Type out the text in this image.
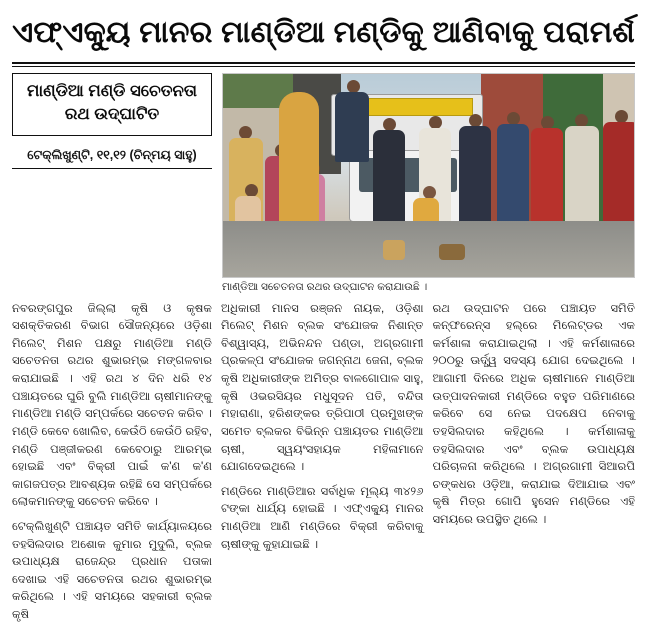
ଏଫ୍‌ଏକ୍ୟୁ ମାନର ମାଣ୍ଡିଆ ମଣ୍ଡିକୁ ଆଣିବାକୁ ପରାମର୍ଶ
ମାଣ୍ଡିଆ ମଣ୍ଡି ସଚେତନତା
ରଥ ଉଦ୍‌ଘାଟିତ
ଟେକ୍‌ଲିଖୁଣ୍ଟି, ୧୧,୧୨ (ଚିନ୍ମୟ ସାହୁ)
ମାଣ୍ଡିଆ ସଚେତନତା ରଥର ଉଦ୍‌ଘାଟନ କରାଯାଉଛି ।

ନବରଙ୍ଗପୁର ଜିଲ୍ଲା କୃଷି ଓ କୃଷକ ସଶକ୍ତିକରଣ ବିଭାଗ ସୌଜନ୍ୟରେ ଓଡ଼ିଶା ମିଲେଟ୍‌ ମିଶନ ପକ୍ଷରୁ ମାଣ୍ଡିଆ ମଣ୍ଡି ସଚେତନତା ରଥର ଶୁଭାରମ୍ଭ ମଙ୍ଗଳବାର କରାଯାଇଛି । ଏହି ରଥ ୪ ଦିନ ଧରି ୧୪ ପଞ୍ଚାୟତରେ ଘୁରି ବୁଲି ମାଣ୍ଡିଆ ଚାଷୀମାନଙ୍କୁ ମାଣ୍ଡିଆ ମଣ୍ଡି ସମ୍ପର୍କରେ ସଚେତନ କରିବ । ମଣ୍ଡି କେବେ ଖୋଲିବ, କେଉଁଠି କେଉଁଠି ରହିବ, ମଣ୍ଡି ପଞ୍ଜୀକରଣ କେବେଠାରୁ ଆରମ୍ଭ ହୋଇଛି ଏବଂ ବିକ୍ରୀ ପାଇଁ କ'ଣ କ'ଣ କାଗଜପତ୍ର ଆବଶ୍ୟକ ରହିଛି ସେ ସମ୍ପର୍କରେ ଲୋକମାନଙ୍କୁ ସଚେତନ କରିବେ ।

ଟେକ୍‌ଲିଖୁଣ୍ଟି ପଞ୍ଚାୟତ ସମିତି କାର୍ଯ୍ୟାଳୟରେ ତହସିଲଦାର ଅଶୋକ କୁମାର ମୁଦୁଲି, ବ୍ଲକ ଉପାଧ୍ୟକ୍ଷ ରାଜେନ୍ଦ୍ର ପ୍ରଧାନ ପତାକା ଦେଖାଇ ଏହି ସଚେତନତା ରଥର ଶୁଭାରମ୍ଭ କରିଥିଲେ । ଏହି ସମୟରେ ସହକାରୀ ବ୍ଲକ କୃଷି

ଅଧିକାରୀ ମାନସ ରଞ୍ଜନ ନାୟକ, ଓଡ଼ିଶା ମିଲେଟ୍‌ ମିଶନ ବ୍ଲକ ସଂଯୋଜକ ନିଶାନ୍ତ ବିଶ୍ୱାସ୍ୟ, ଅଭିନନ୍ଦନ ପଣ୍ଡା, ଅଗ୍ରଗାମୀ ପ୍ରକଳ୍ପ ସଂଯୋଜକ ଜଗନ୍ନାଥ ଜେନା, ବ୍ଲକ କୃଷି ଅଧିକାରୀଙ୍କ ଅମିତ୍ର ବାଳଗୋପାଳ ସାହୁ, କୃଷି ଓଭରସିୟର ମଧୁସୂଦନ ପତି, ବନ୍ଦିତା ମହାରାଣା, ହରିଶଙ୍କର ତ୍ରିପାଠୀ ପ୍ରମୁଖଙ୍କ ସମେତ ବ୍ଲକର ବିଭିନ୍ନ ପଞ୍ଚାୟତର ମାଣ୍ଡିଆ ଚାଷୀ, ସ୍ୱୟଂସହାୟକ ମହିଳାମାନେ ଯୋଗଦେଇଥିଲେ ।

ମଣ୍ଡିରେ ମାଣ୍ଡିଆର ସର୍ବାଧିକ ମୂଲ୍ୟ ୩୪୨୬ ଟଙ୍କା ଧାର୍ଯ୍ୟ ହୋଇଛି । ଏଫ୍‌ଏକ୍ୟୁ ମାନର ମାଣ୍ଡିଆ ଆଣି ମଣ୍ଡିରେ ବିକ୍ରୀ କରିବାକୁ ଚାଷୀଙ୍କୁ କୁହାଯାଇଛି ।

ରଥ ଉଦ୍‌ଘାଟନ ପରେ ପଞ୍ଚାୟତ ସମିତି କନ୍‌ଫରେନ୍ସ ହଲ୍‌ରେ ମିଲେଟ୍‌ଡର ଏକ କର୍ମଶାଳା କରାଯାଇଥିଲା । ଏହି କର୍ମଶାଳାରେ ୨୦୦ରୁ ଊର୍ଦ୍ଧ୍ୱ ସଦସ୍ୟ ଯୋଗ ଦେଇଥିଲେ । ଆଗାମୀ ଦିନରେ ଅଧିକ ଚାଷୀମାନେ ମାଣ୍ଡିଆ ଉତ୍ପାଦନକାରୀ ମଣ୍ଡିରେ ବହୁତ ପରିମାଣରେ କରିବେ ସେ ନେଇ ପଦକ୍ଷେପ ନେବାକୁ ତହସିଲଦାର କହିଥିଲେ । କର୍ମଶାଳାକୁ ତହସିଲଦାର ଏବଂ ବ୍ଲକ ଉପାଧ୍ୟକ୍ଷ ପରିଚାଳନା କରିଥିଲେ । ଅଗ୍ରଗାମୀ ସିଆରପି ଚଙ୍କଧର ଓଡ଼ିଆ, କରାଯାଇ ଦିଆଯାଇ ଏବଂ କୃଷି ମିତ୍ର ଗୋପି ହୁସେନ ମଣ୍ଡିରେ ଏହି ସମୟରେ ଉପସ୍ଥିତ ଥିଲେ ।
